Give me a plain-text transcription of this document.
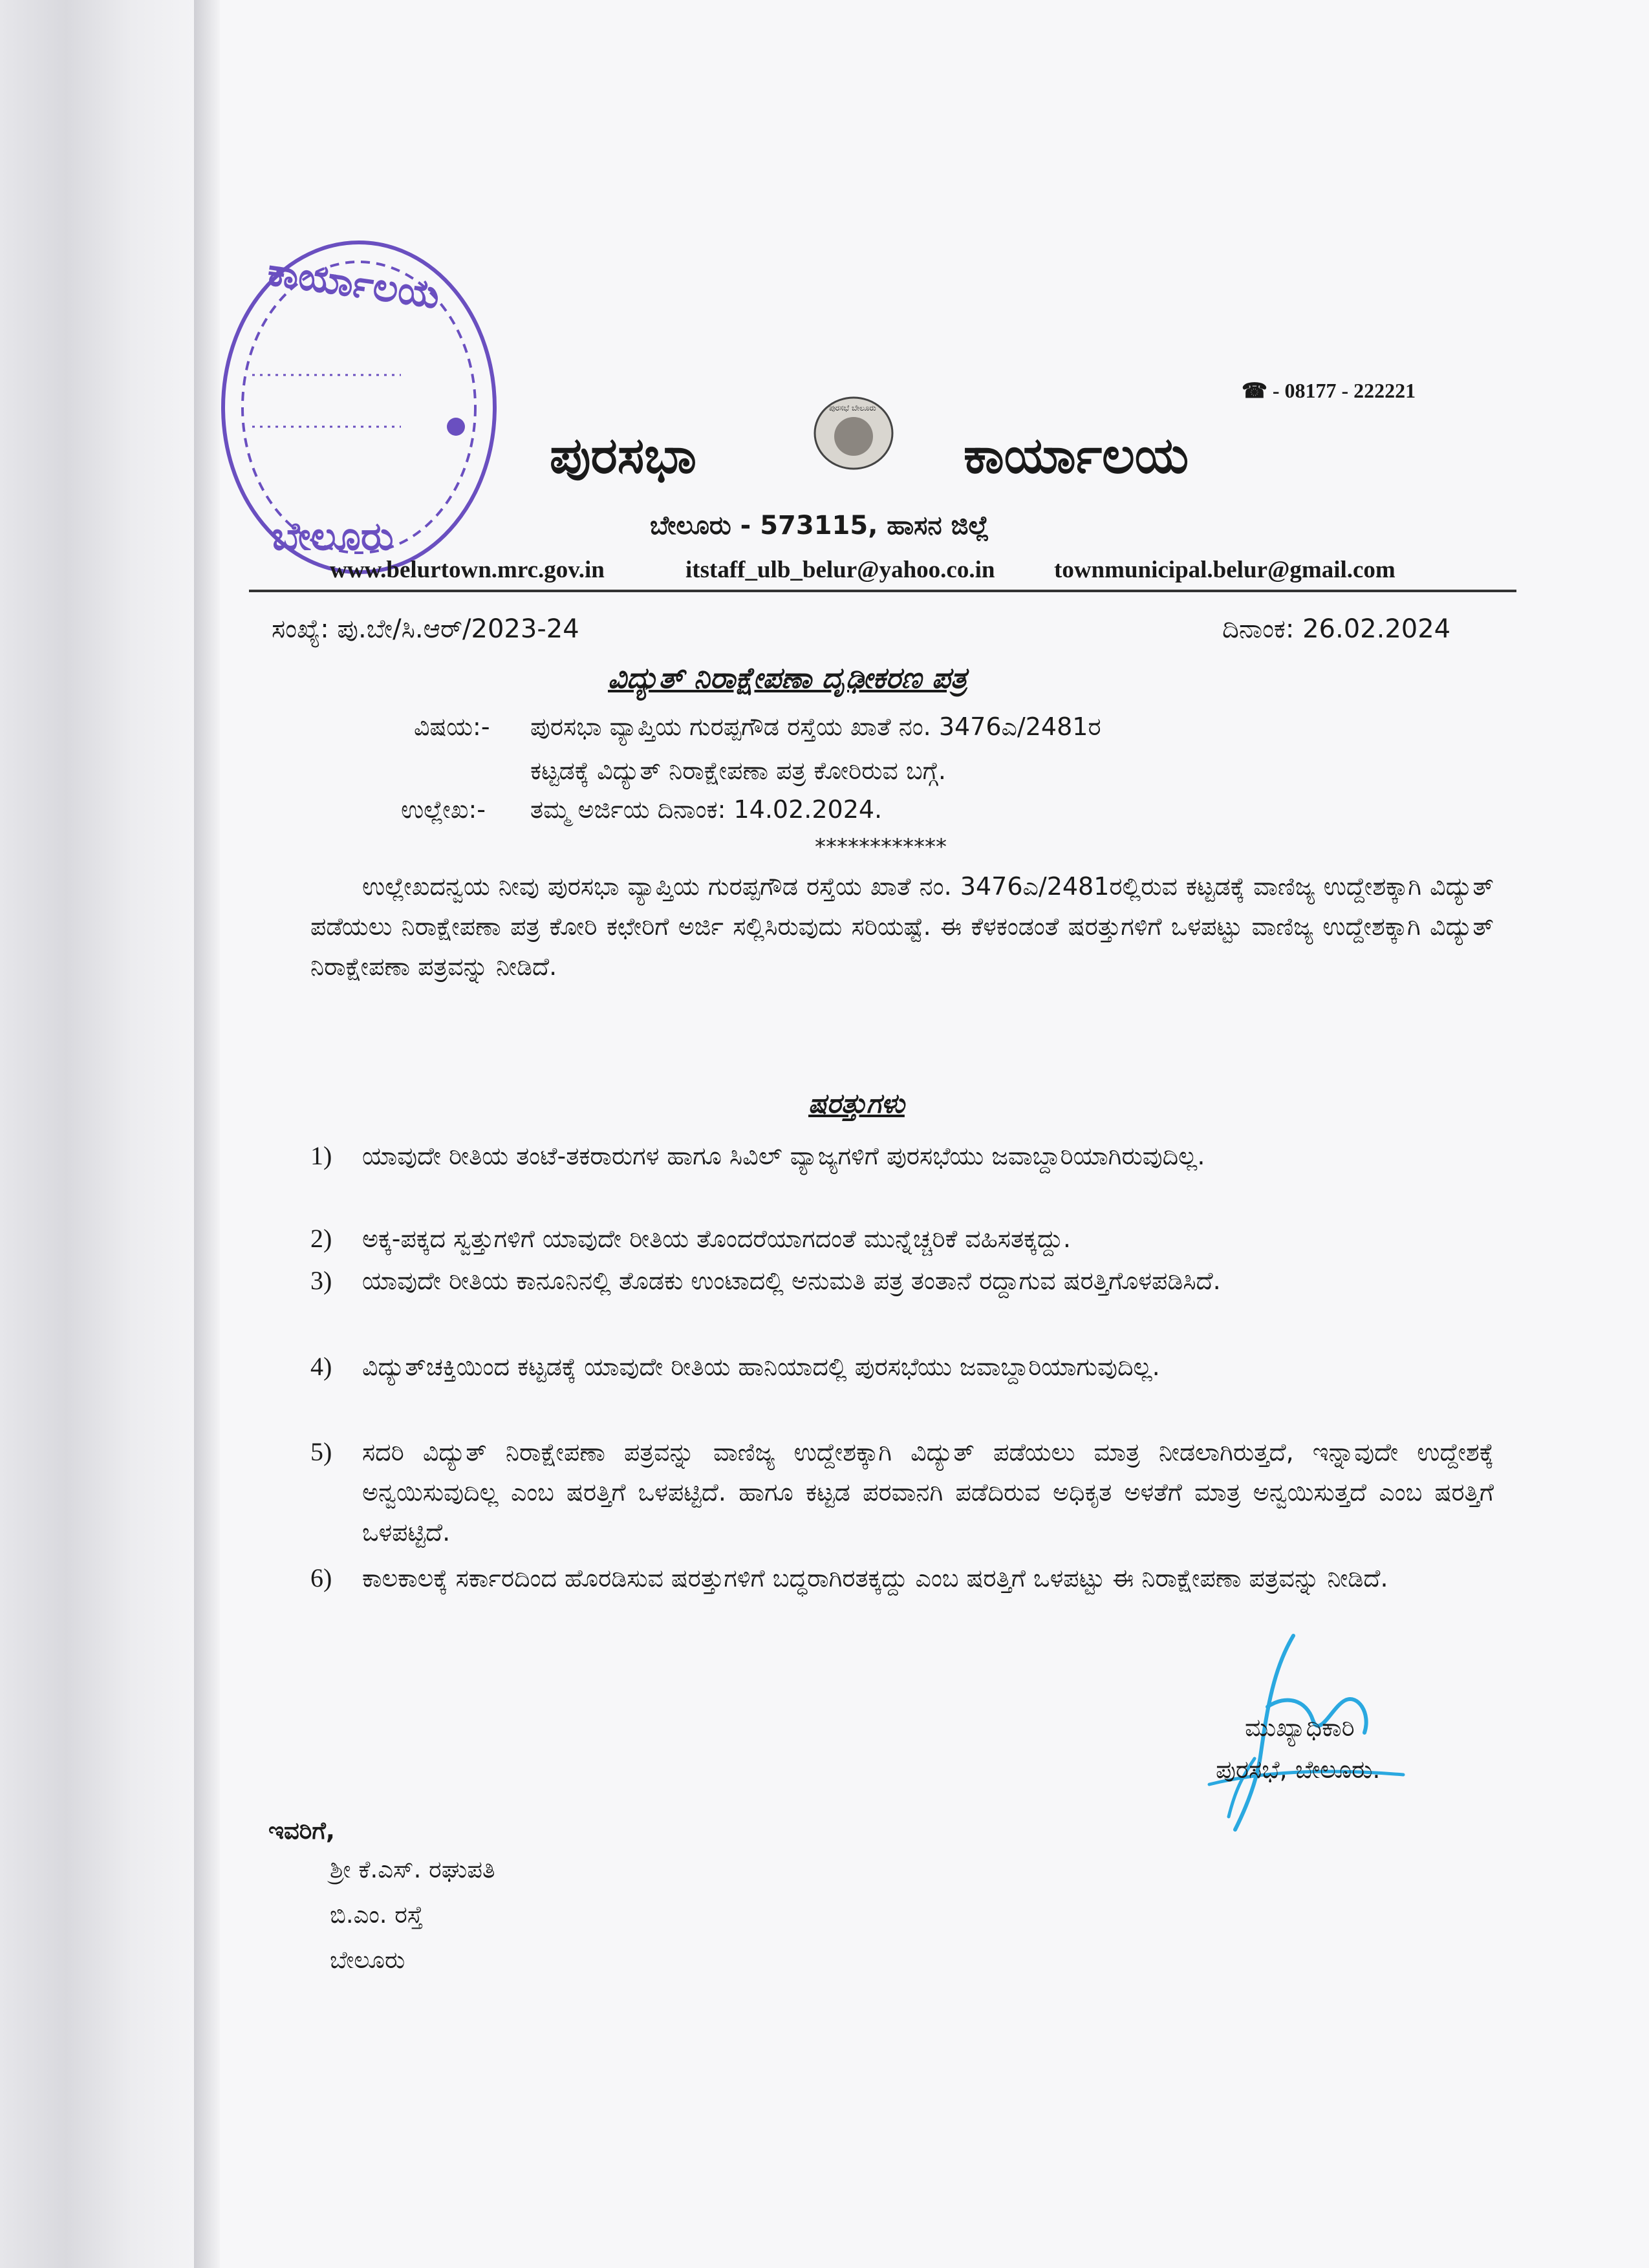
ಕಾರ್ಯಾಲಯ
ಬೇಲೂರು
☎ - 08177 - 222221
ಪುರಸಭಾ
ಪುರಸಭೆ ಬೇಲೂರು
ಕಾರ್ಯಾಲಯ
ಬೇಲೂರು - 573115, ಹಾಸನ ಜಿಲ್ಲೆ
www.belurtown.mrc.gov.in	itstaff_ulb_belur@yahoo.co.in townmunicipal.belur@gmail.com
ಸಂಖ್ಯೆ: ಪು.ಬೇ/ಸಿ.ಆರ್/2023-24	ದಿನಾಂಕ: 26.02.2024
ವಿದ್ಯುತ್ ನಿರಾಕ್ಷೇಪಣಾ ದೃಢೀಕರಣ ಪತ್ರ
ವಿಷಯ:- ಪುರಸಭಾ ವ್ಯಾಪ್ತಿಯ ಗುರಪ್ಪಗೌಡ ರಸ್ತೆಯ ಖಾತೆ ನಂ. 3476ಎ/2481ರ
ಕಟ್ಟಡಕ್ಕೆ ವಿದ್ಯುತ್ ನಿರಾಕ್ಷೇಪಣಾ ಪತ್ರ ಕೋರಿರುವ ಬಗ್ಗೆ.
ಉಲ್ಲೇಖ:- ತಮ್ಮ ಅರ್ಜಿಯ ದಿನಾಂಕ: 14.02.2024.
************
ಉಲ್ಲೇಖದನ್ವಯ ನೀವು ಪುರಸಭಾ ವ್ಯಾಪ್ತಿಯ ಗುರಪ್ಪಗೌಡ ರಸ್ತೆಯ ಖಾತೆ ನಂ. 3476ಎ/2481ರಲ್ಲಿರುವ ಕಟ್ಟಡಕ್ಕೆ ವಾಣಿಜ್ಯ ಉದ್ದೇಶಕ್ಕಾಗಿ ವಿದ್ಯುತ್ ಪಡೆಯಲು ನಿರಾಕ್ಷೇಪಣಾ ಪತ್ರ ಕೋರಿ ಕಛೇರಿಗೆ ಅರ್ಜಿ ಸಲ್ಲಿಸಿರುವುದು ಸರಿಯಷ್ಟೆ. ಈ ಕೆಳಕಂಡಂತೆ ಷರತ್ತುಗಳಿಗೆ ಒಳಪಟ್ಟು ವಾಣಿಜ್ಯ ಉದ್ದೇಶಕ್ಕಾಗಿ ವಿದ್ಯುತ್ ನಿರಾಕ್ಷೇಪಣಾ ಪತ್ರವನ್ನು ನೀಡಿದೆ.
ಷರತ್ತುಗಳು
1)	ಯಾವುದೇ ರೀತಿಯ ತಂಟೆ-ತಕರಾರುಗಳ ಹಾಗೂ ಸಿವಿಲ್ ವ್ಯಾಜ್ಯಗಳಿಗೆ ಪುರಸಭೆಯು ಜವಾಬ್ದಾರಿಯಾಗಿರುವುದಿಲ್ಲ.
2)	ಅಕ್ಕ-ಪಕ್ಕದ ಸ್ವತ್ತುಗಳಿಗೆ ಯಾವುದೇ ರೀತಿಯ ತೊಂದರೆಯಾಗದಂತೆ ಮುನ್ನೆಚ್ಚರಿಕೆ ವಹಿಸತಕ್ಕದ್ದು.
3)	ಯಾವುದೇ ರೀತಿಯ ಕಾನೂನಿನಲ್ಲಿ ತೊಡಕು ಉಂಟಾದಲ್ಲಿ ಅನುಮತಿ ಪತ್ರ ತಂತಾನೆ ರದ್ದಾಗುವ ಷರತ್ತಿಗೊಳಪಡಿಸಿದೆ.
4)	ವಿದ್ಯುತ್‌ಚಕ್ತಿಯಿಂದ ಕಟ್ಟಡಕ್ಕೆ ಯಾವುದೇ ರೀತಿಯ ಹಾನಿಯಾದಲ್ಲಿ ಪುರಸಭೆಯು ಜವಾಬ್ದಾರಿಯಾಗುವುದಿಲ್ಲ.
5)	ಸದರಿ ವಿದ್ಯುತ್ ನಿರಾಕ್ಷೇಪಣಾ ಪತ್ರವನ್ನು ವಾಣಿಜ್ಯ ಉದ್ದೇಶಕ್ಕಾಗಿ ವಿದ್ಯುತ್ ಪಡೆಯಲು ಮಾತ್ರ ನೀಡಲಾಗಿರುತ್ತದೆ, ಇನ್ನಾವುದೇ ಉದ್ದೇಶಕ್ಕೆ ಅನ್ವಯಿಸುವುದಿಲ್ಲ ಎಂಬ ಷರತ್ತಿಗೆ ಒಳಪಟ್ಟಿದೆ. ಹಾಗೂ ಕಟ್ಟಡ ಪರವಾನಗಿ ಪಡೆದಿರುವ ಅಧಿಕೃತ ಅಳತೆಗೆ ಮಾತ್ರ ಅನ್ವಯಿಸುತ್ತದೆ ಎಂಬ ಷರತ್ತಿಗೆ ಒಳಪಟ್ಟಿದೆ.
6)	ಕಾಲಕಾಲಕ್ಕೆ ಸರ್ಕಾರದಿಂದ ಹೊರಡಿಸುವ ಷರತ್ತುಗಳಿಗೆ ಬದ್ಧರಾಗಿರತಕ್ಕದ್ದು ಎಂಬ ಷರತ್ತಿಗೆ ಒಳಪಟ್ಟು ಈ ನಿರಾಕ್ಷೇಪಣಾ ಪತ್ರವನ್ನು ನೀಡಿದೆ.
ಮುಖ್ಯಾಧಿಕಾರಿ
ಪುರಸಭೆ, ಬೇಲೂರು.
ಇವರಿಗೆ,
ಶ್ರೀ ಕೆ.ಎಸ್. ರಘುಪತಿ
ಬಿ.ಎಂ. ರಸ್ತೆ
ಬೇಲೂರು
